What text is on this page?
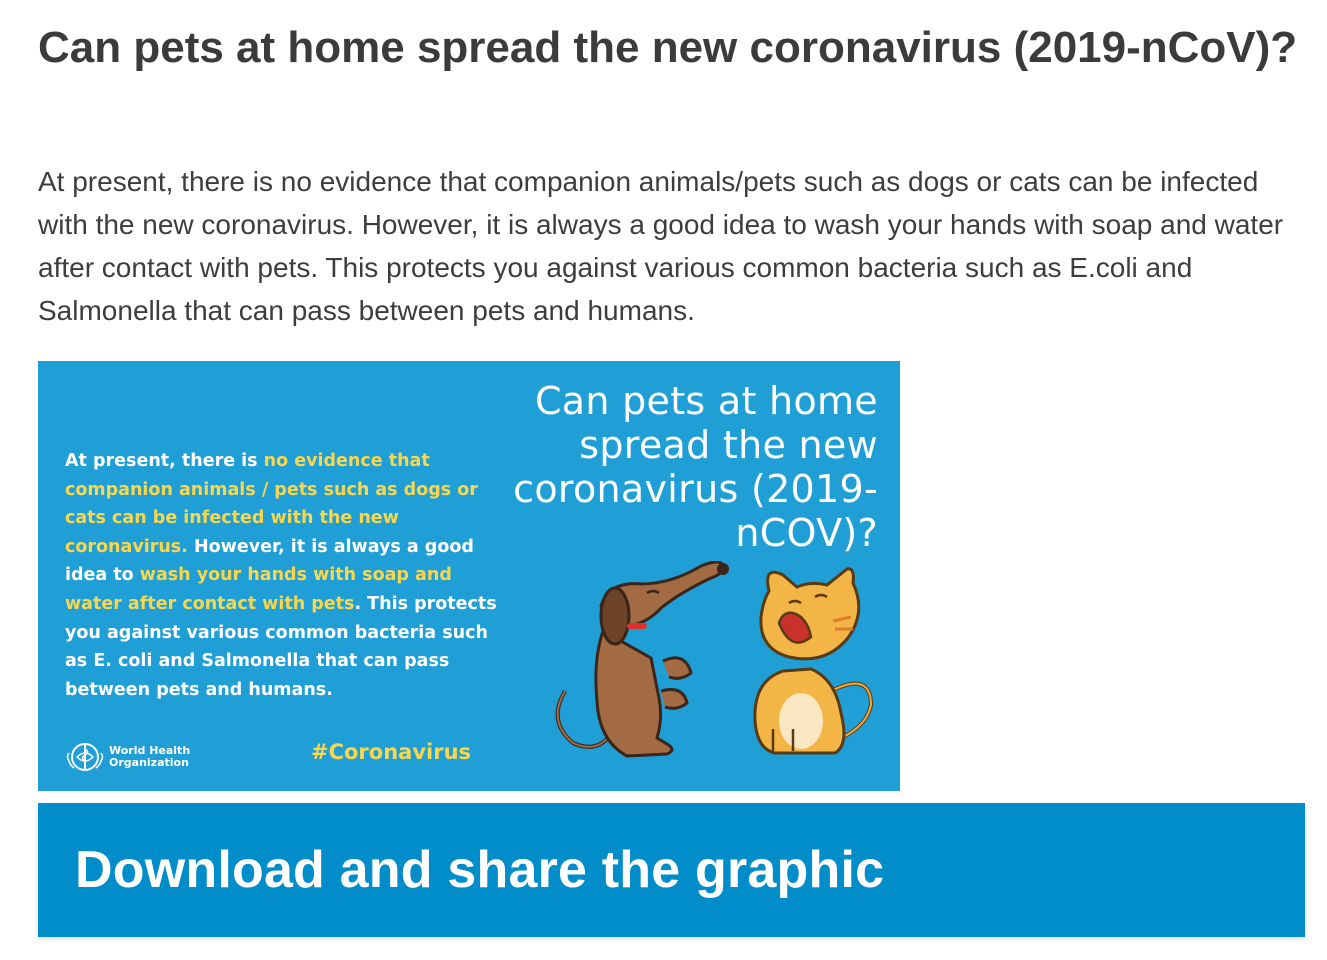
Can pets at home spread the new coronavirus (2019-nCoV)?

At present, there is no evidence that companion animals/pets such as dogs or cats can be infected with the new coronavirus. However, it is always a good idea to wash your hands with soap and water after contact with pets. This protects you against various common bacteria such as E.coli and Salmonella that can pass between pets and humans.

At present, there is no evidence that companion animals / pets such as dogs or cats can be infected with the new coronavirus. However, it is always a good idea to wash your hands with soap and water after contact with pets. This protects you against various common bacteria such as E. coli and Salmonella that can pass between pets and humans.

Can pets at home spread the new coronavirus (2019-nCOV)?
World Health
Organization	#Coronavirus
Download and share the graphic
